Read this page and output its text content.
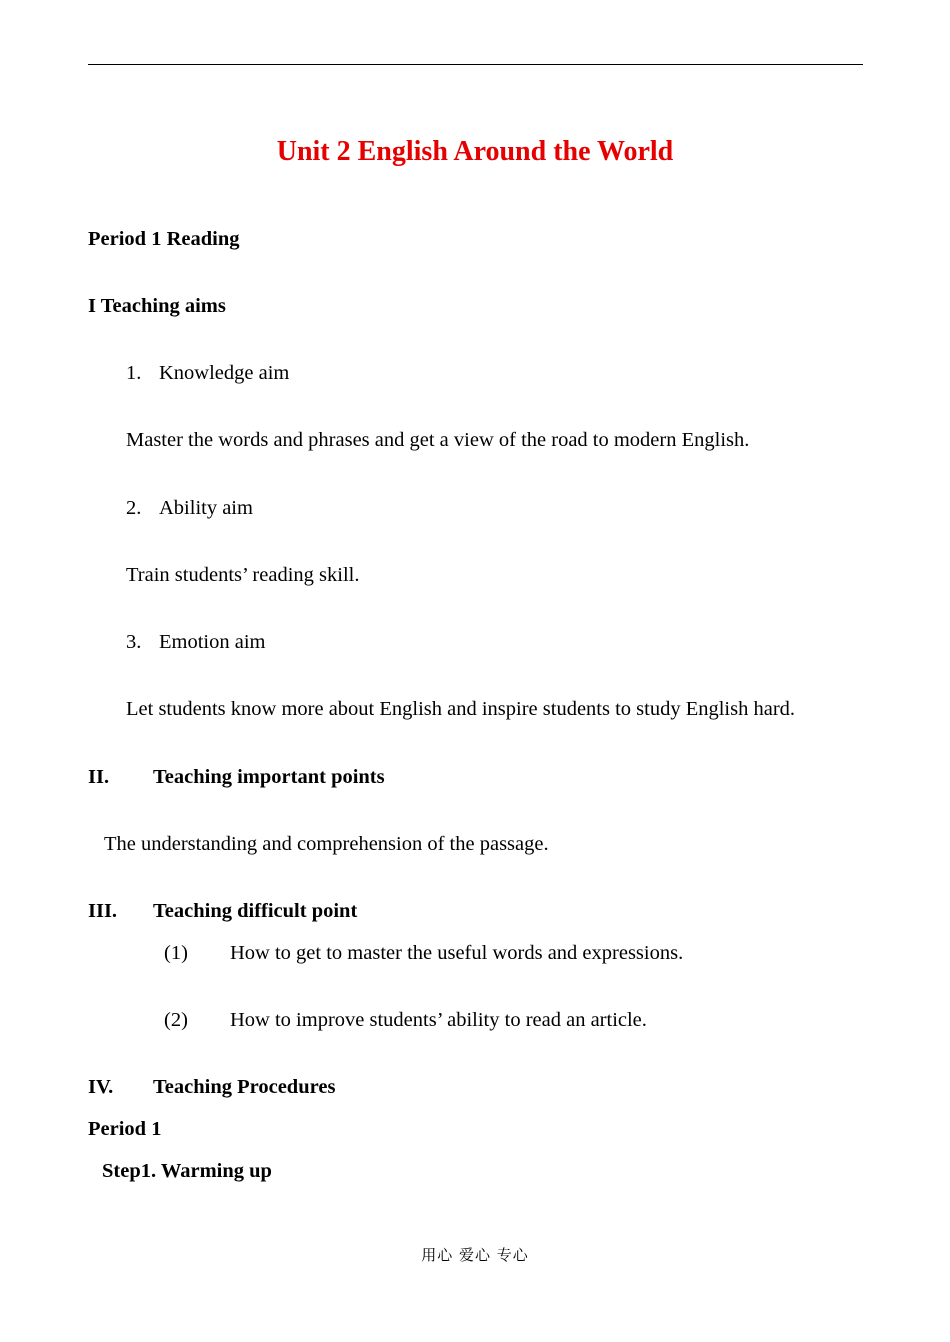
Unit 2 English Around the World
Period 1 Reading
I Teaching aims
1. Knowledge aim
Master the words and phrases and get a view of the road to modern English.
2. Ability aim
Train students’ reading skill.
3. Emotion aim
Let students know more about English and inspire students to study English hard.
II. Teaching important points
The understanding and comprehension of the passage.
III. Teaching difficult point
(1) How to get to master the useful words and expressions.
(2) How to improve students’ ability to read an article.
IV. Teaching Procedures
Period 1
Step1. Warming up
用心 爱心 专心
